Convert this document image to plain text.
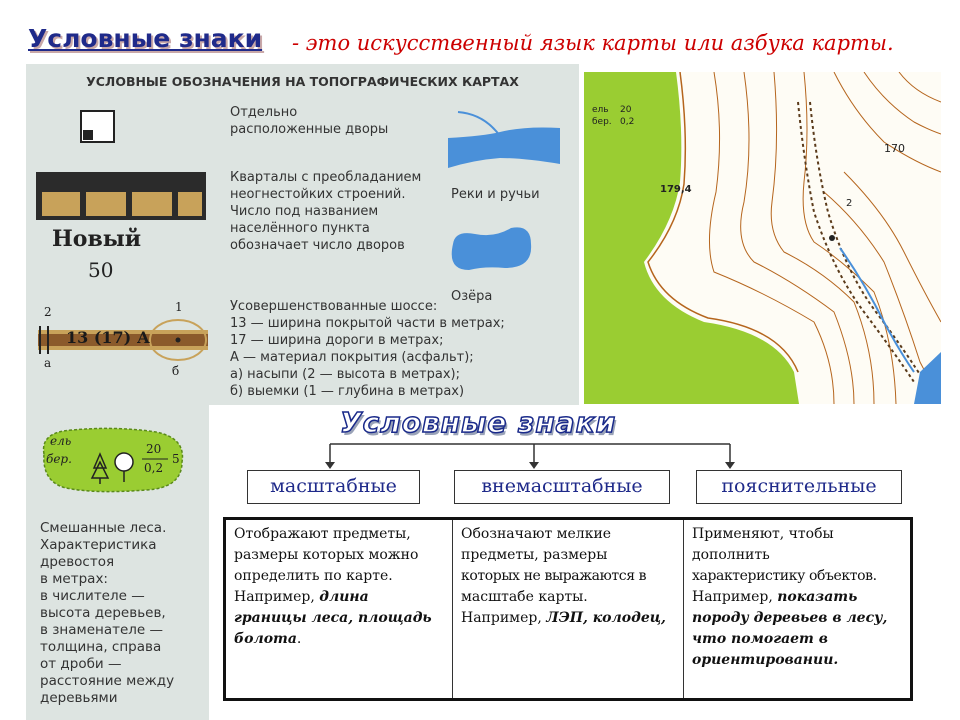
Условные знаки - это искусственный язык карты или азбука карты.
УСЛОВНЫЕ ОБОЗНАЧЕНИЯ НА ТОПОГРАФИЧЕСКИХ КАРТАХ
Отдельно
расположенные дворы
Кварталы с преобладанием
неогнестойких строений.
Число под названием
населённого пункта
обозначает число дворов
Новый
50
Реки и ручьи
Озёра
2
а
1
б
13 (17) А
Усовершенствованные шоссе:
13 — ширина покрытой части в метрах;
17 — ширина дороги в метрах;
А — материал покрытия (асфальт);
а) насыпи (2 — высота в метрах);
б) выемки (1 — глубина в метрах)
ель
бер.
20
0,2
170
179,4
2
ель
бер.
20
0,2
5
Смешанные леса.
Характеристика
древостоя
в метрах:
в числителе —
высота деревьев,
в знаменателе —
толщина, справа
от дроби —
расстояние между
деревьями
Условные знаки
масштабные	внемасштабные	пояснительные
Отображают предметы,
размеры которых можно
определить по карте.
Например, длина
границы леса, площадь
болота.
Обозначают мелкие
предметы, размеры
которых не выражаются в
масштабе карты.
Например, ЛЭП, колодец,
Применяют, чтобы
дополнить
характеристику объектов.
Например, показать
породу деревьев в лесу,
что помогает в
ориентировании.
